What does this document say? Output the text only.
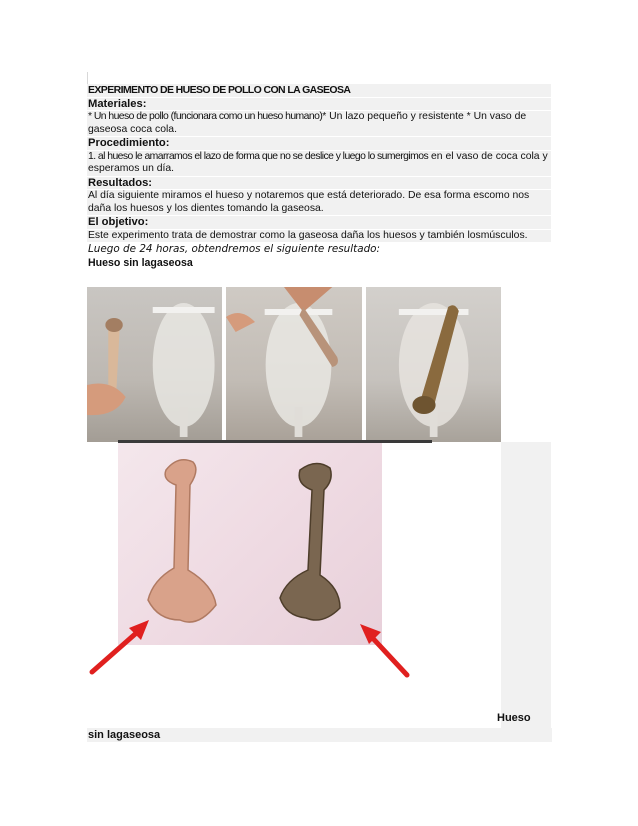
EXPERIMENTO DE HUESO DE POLLO CON LA GASEOSA
Materiales:
* Un hueso de pollo (funcionara como un hueso humano)* Un lazo pequeño y resistente * Un vaso de gaseosa coca cola.
Procedimiento:
1. al hueso le amarramos el lazo de forma que no se deslice y luego lo sumergimos en el vaso de coca cola y esperamos un día.
Resultados:
Al día siguiente miramos el hueso y notaremos que está deteriorado. De esa forma escomo nos daña los huesos y los dientes tomando la gaseosa.
El objetivo:
Este experimento trata de demostrar como la gaseosa daña los huesos y también losmúsculos.
Luego de 24 horas, obtendremos el siguiente resultado:
Hueso sin lagaseosa
Hueso
sin lagaseosa
